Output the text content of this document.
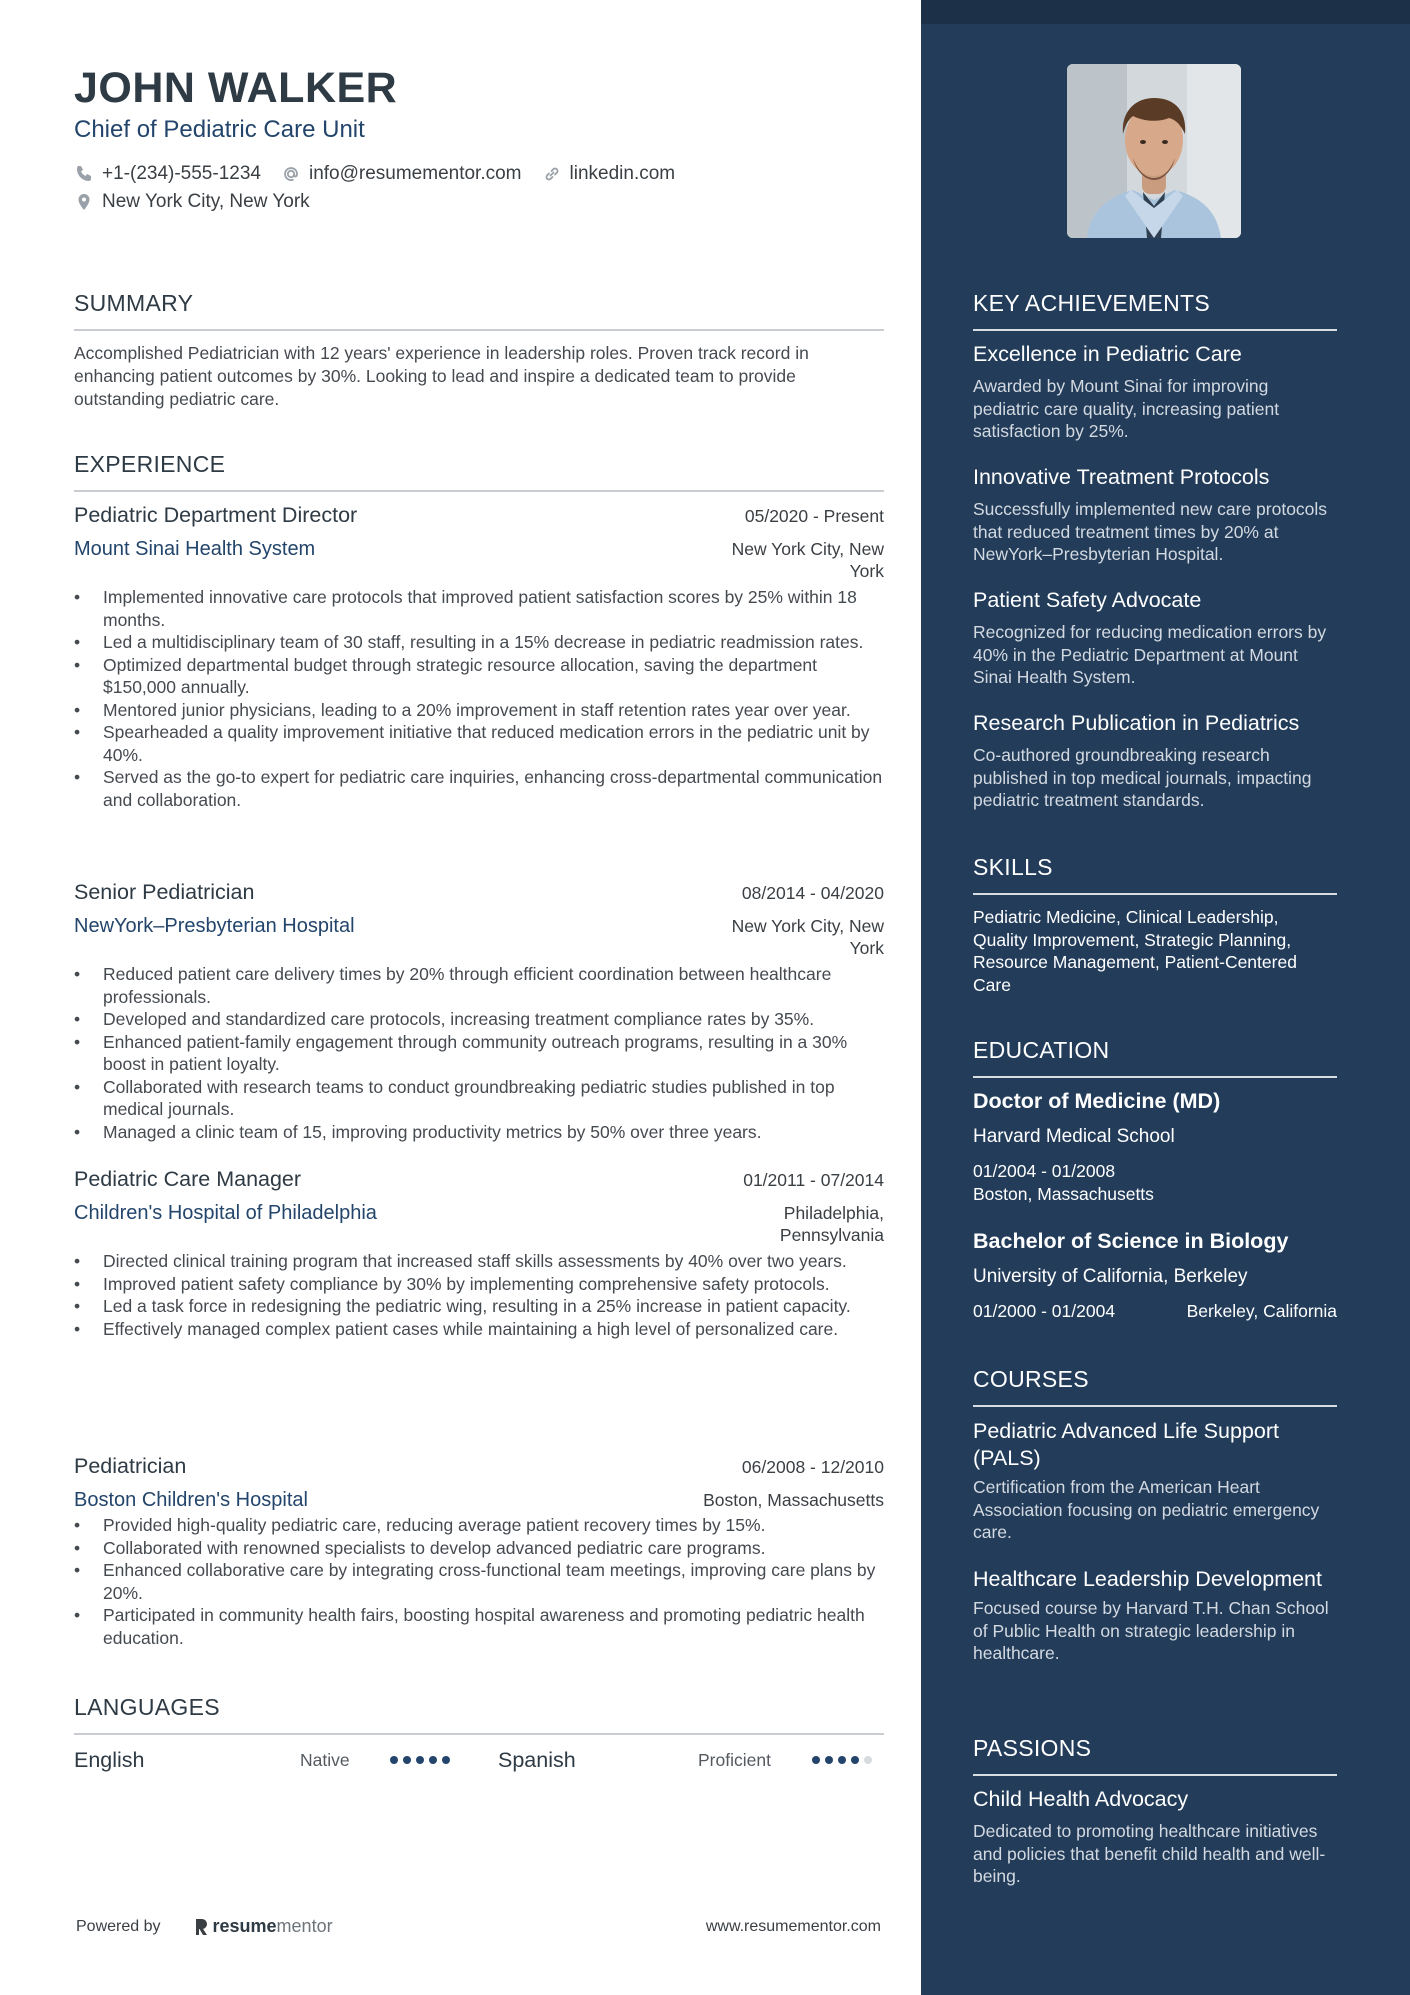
JOHN WALKER
Chief of Pediatric Care Unit
+1-(234)-555-1234	info@resumementor.com	linkedin.com
New York City, New York
SUMMARY
Accomplished Pediatrician with 12 years' experience in leadership roles. Proven track record in enhancing patient outcomes by 30%. Looking to lead and inspire a dedicated team to provide outstanding pediatric care.
EXPERIENCE
Pediatric Department Director	05/2020 - Present
Mount Sinai Health System	New York City, New York
• Implemented innovative care protocols that improved patient satisfaction scores by 25% within 18 months.
• Led a multidisciplinary team of 30 staff, resulting in a 15% decrease in pediatric readmission rates.
• Optimized departmental budget through strategic resource allocation, saving the department $150,000 annually.
• Mentored junior physicians, leading to a 20% improvement in staff retention rates year over year.
• Spearheaded a quality improvement initiative that reduced medication errors in the pediatric unit by 40%.
• Served as the go-to expert for pediatric care inquiries, enhancing cross-departmental communication and collaboration.
Senior Pediatrician	08/2014 - 04/2020
NewYork–Presbyterian Hospital	New York City, New York
• Reduced patient care delivery times by 20% through efficient coordination between healthcare professionals.
• Developed and standardized care protocols, increasing treatment compliance rates by 35%.
• Enhanced patient-family engagement through community outreach programs, resulting in a 30% boost in patient loyalty.
• Collaborated with research teams to conduct groundbreaking pediatric studies published in top medical journals.
• Managed a clinic team of 15, improving productivity metrics by 50% over three years.
Pediatric Care Manager	01/2011 - 07/2014
Children's Hospital of Philadelphia	Philadelphia, Pennsylvania
• Directed clinical training program that increased staff skills assessments by 40% over two years.
• Improved patient safety compliance by 30% by implementing comprehensive safety protocols.
• Led a task force in redesigning the pediatric wing, resulting in a 25% increase in patient capacity.
• Effectively managed complex patient cases while maintaining a high level of personalized care.
Pediatrician	06/2008 - 12/2010
Boston Children's Hospital	Boston, Massachusetts
• Provided high-quality pediatric care, reducing average patient recovery times by 15%.
• Collaborated with renowned specialists to develop advanced pediatric care programs.
• Enhanced collaborative care by integrating cross-functional team meetings, improving care plans by 20%.
• Participated in community health fairs, boosting hospital awareness and promoting pediatric health education.
LANGUAGES
English	Native	Spanish	Proficient
Powered by	resume mentor	www.resumementor.com
KEY ACHIEVEMENTS
Excellence in Pediatric Care
Awarded by Mount Sinai for improving pediatric care quality, increasing patient satisfaction by 25%.
Innovative Treatment Protocols
Successfully implemented new care protocols that reduced treatment times by 20% at NewYork–Presbyterian Hospital.
Patient Safety Advocate
Recognized for reducing medication errors by 40% in the Pediatric Department at Mount Sinai Health System.
Research Publication in Pediatrics
Co-authored groundbreaking research published in top medical journals, impacting pediatric treatment standards.
SKILLS
Pediatric Medicine, Clinical Leadership, Quality Improvement, Strategic Planning, Resource Management, Patient-Centered Care
EDUCATION
Doctor of Medicine (MD)
Harvard Medical School
01/2004 - 01/2008
Boston, Massachusetts
Bachelor of Science in Biology
University of California, Berkeley
01/2000 - 01/2004	Berkeley, California
COURSES
Pediatric Advanced Life Support (PALS)
Certification from the American Heart Association focusing on pediatric emergency care.
Healthcare Leadership Development
Focused course by Harvard T.H. Chan School of Public Health on strategic leadership in healthcare.
PASSIONS
Child Health Advocacy
Dedicated to promoting healthcare initiatives and policies that benefit child health and well-being.
